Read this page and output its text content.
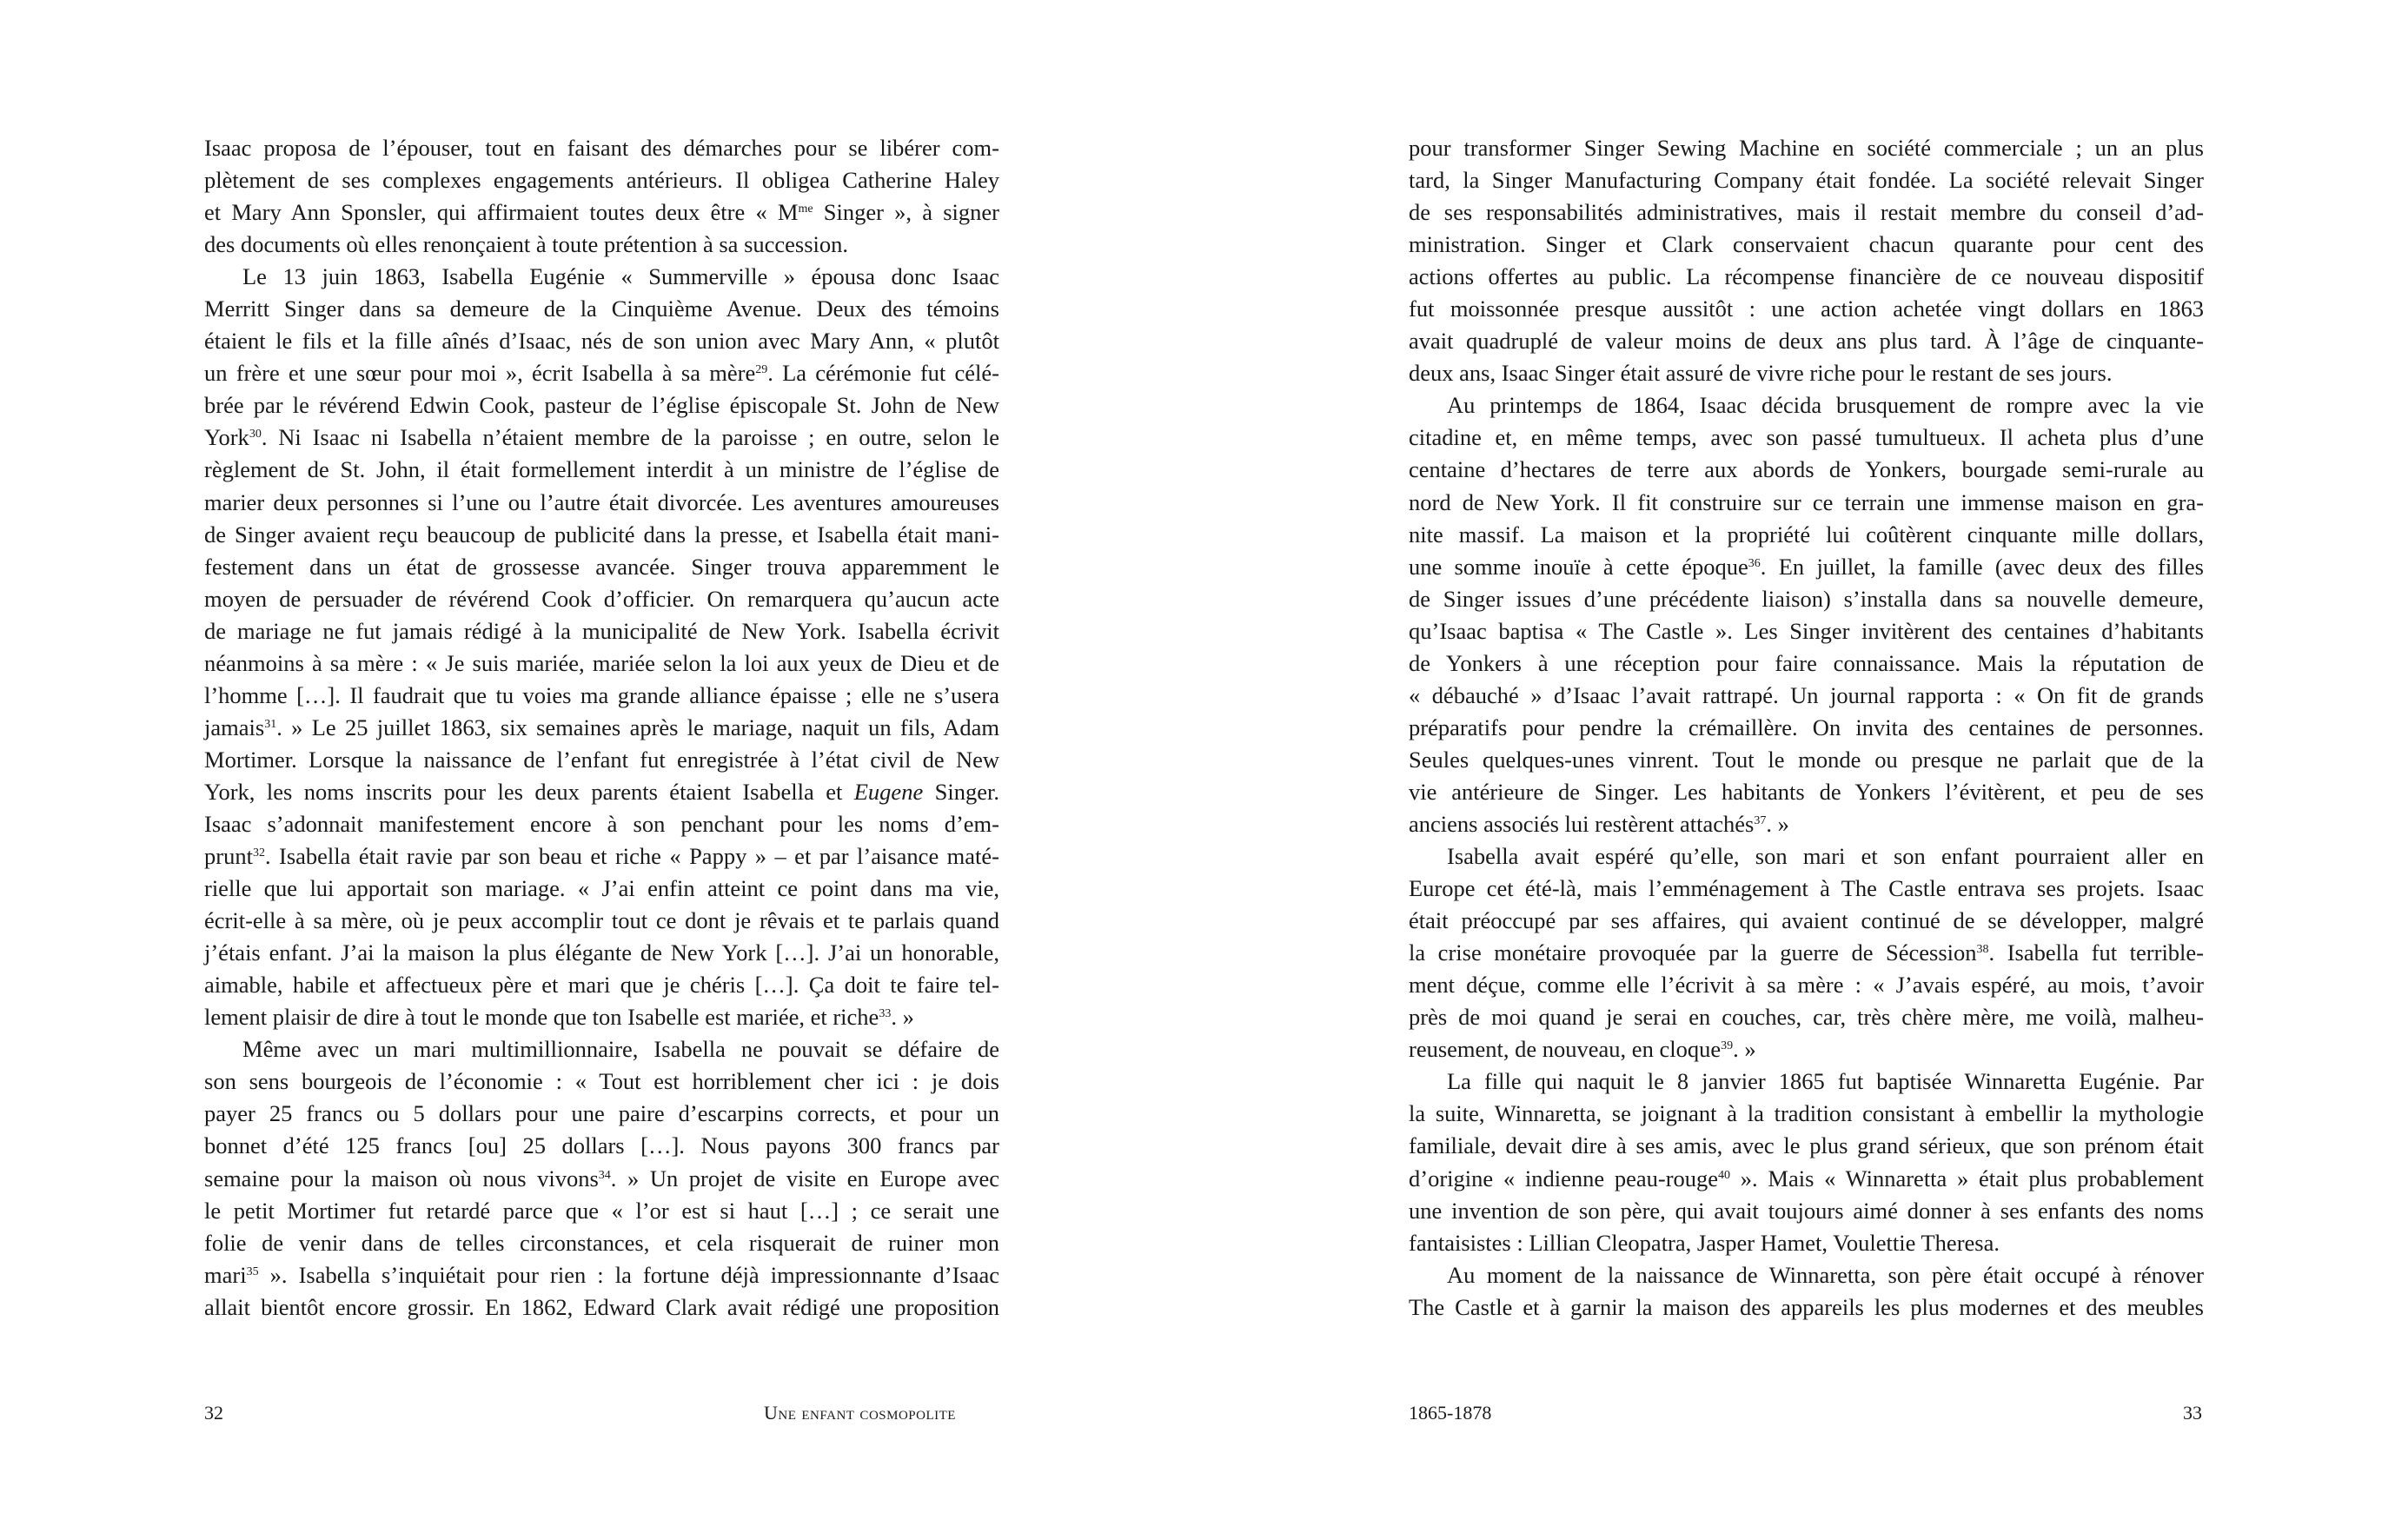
Isaac proposa de l’épouser, tout en faisant des démarches pour se libérer com-
plètement de ses complexes engagements antérieurs. Il obligea Catherine Haley
et Mary Ann Sponsler, qui affirmaient toutes deux être « $M^{me}$ Singer », à signer
des documents où elles renonçaient à toute prétention à sa succession.
Le 13 juin 1863, Isabella Eugénie « Summerville » épousa donc Isaac
Merritt Singer dans sa demeure de la Cinquième Avenue. Deux des témoins
étaient le fils et la fille aînés d’Isaac, nés de son union avec Mary Ann, « plutôt
un frère et une sœur pour moi », écrit Isabella à sa mère$^{29}$. La cérémonie fut célé-
brée par le révérend Edwin Cook, pasteur de l’église épiscopale St. John de New
York$^{30}$. Ni Isaac ni Isabella n’étaient membre de la paroisse ; en outre, selon le
règlement de St. John, il était formellement interdit à un ministre de l’église de
marier deux personnes si l’une ou l’autre était divorcée. Les aventures amoureuses
de Singer avaient reçu beaucoup de publicité dans la presse, et Isabella était mani-
festement dans un état de grossesse avancée. Singer trouva apparemment le
moyen de persuader de révérend Cook d’officier. On remarquera qu’aucun acte
de mariage ne fut jamais rédigé à la municipalité de New York. Isabella écrivit
néanmoins à sa mère : « Je suis mariée, mariée selon la loi aux yeux de Dieu et de
l’homme […]. Il faudrait que tu voies ma grande alliance épaisse ; elle ne s’usera
jamais$^{31}$. » Le 25 juillet 1863, six semaines après le mariage, naquit un fils, Adam
Mortimer. Lorsque la naissance de l’enfant fut enregistrée à l’état civil de New
York, les noms inscrits pour les deux parents étaient Isabella et Eugene Singer.
Isaac s’adonnait manifestement encore à son penchant pour les noms d’em-
prunt$^{32}$. Isabella était ravie par son beau et riche « Pappy » – et par l’aisance maté-
rielle que lui apportait son mariage. « J’ai enfin atteint ce point dans ma vie,
écrit-elle à sa mère, où je peux accomplir tout ce dont je rêvais et te parlais quand
j’étais enfant. J’ai la maison la plus élégante de New York […]. J’ai un honorable,
aimable, habile et affectueux père et mari que je chéris […]. Ça doit te faire tel-
lement plaisir de dire à tout le monde que ton Isabelle est mariée, et riche$^{33}$. »
Même avec un mari multimillionnaire, Isabella ne pouvait se défaire de
son sens bourgeois de l’économie : « Tout est horriblement cher ici : je dois
payer 25 francs ou 5 dollars pour une paire d’escarpins corrects, et pour un
bonnet d’été 125 francs [ou] 25 dollars […]. Nous payons 300 francs par
semaine pour la maison où nous vivons$^{34}$. » Un projet de visite en Europe avec
le petit Mortimer fut retardé parce que « l’or est si haut […] ; ce serait une
folie de venir dans de telles circonstances, et cela risquerait de ruiner mon
mari$^{35}$ ». Isabella s’inquiétait pour rien : la fortune déjà impressionnante d’Isaac
allait bientôt encore grossir. En 1862, Edward Clark avait rédigé une proposition
pour transformer Singer Sewing Machine en société commerciale ; un an plus
tard, la Singer Manufacturing Company était fondée. La société relevait Singer
de ses responsabilités administratives, mais il restait membre du conseil d’ad-
ministration. Singer et Clark conservaient chacun quarante pour cent des
actions offertes au public. La récompense financière de ce nouveau dispositif
fut moissonnée presque aussitôt : une action achetée vingt dollars en 1863
avait quadruplé de valeur moins de deux ans plus tard. À l’âge de cinquante-
deux ans, Isaac Singer était assuré de vivre riche pour le restant de ses jours.
Au printemps de 1864, Isaac décida brusquement de rompre avec la vie
citadine et, en même temps, avec son passé tumultueux. Il acheta plus d’une
centaine d’hectares de terre aux abords de Yonkers, bourgade semi-rurale au
nord de New York. Il fit construire sur ce terrain une immense maison en gra-
nite massif. La maison et la propriété lui coûtèrent cinquante mille dollars,
une somme inouïe à cette époque$^{36}$. En juillet, la famille (avec deux des filles
de Singer issues d’une précédente liaison) s’installa dans sa nouvelle demeure,
qu’Isaac baptisa « The Castle ». Les Singer invitèrent des centaines d’habitants
de Yonkers à une réception pour faire connaissance. Mais la réputation de
« débauché » d’Isaac l’avait rattrapé. Un journal rapporta : « On fit de grands
préparatifs pour pendre la crémaillère. On invita des centaines de personnes.
Seules quelques-unes vinrent. Tout le monde ou presque ne parlait que de la
vie antérieure de Singer. Les habitants de Yonkers l’évitèrent, et peu de ses
anciens associés lui restèrent attachés$^{37}$. »
Isabella avait espéré qu’elle, son mari et son enfant pourraient aller en
Europe cet été-là, mais l’emménagement à The Castle entrava ses projets. Isaac
était préoccupé par ses affaires, qui avaient continué de se développer, malgré
la crise monétaire provoquée par la guerre de Sécession$^{38}$. Isabella fut terrible-
ment déçue, comme elle l’écrivit à sa mère : « J’avais espéré, au mois, t’avoir
près de moi quand je serai en couches, car, très chère mère, me voilà, malheu-
reusement, de nouveau, en cloque$^{39}$. »
La fille qui naquit le 8 janvier 1865 fut baptisée Winnaretta Eugénie. Par
la suite, Winnaretta, se joignant à la tradition consistant à embellir la mythologie
familiale, devait dire à ses amis, avec le plus grand sérieux, que son prénom était
d’origine « indienne peau-rouge$^{40}$ ». Mais « Winnaretta » était plus probablement
une invention de son père, qui avait toujours aimé donner à ses enfants des noms
fantaisistes : Lillian Cleopatra, Jasper Hamet, Voulettie Theresa.
Au moment de la naissance de Winnaretta, son père était occupé à rénover
The Castle et à garnir la maison des appareils les plus modernes et des meubles
32	Une enfant cosmopolite	1865-1878	33
